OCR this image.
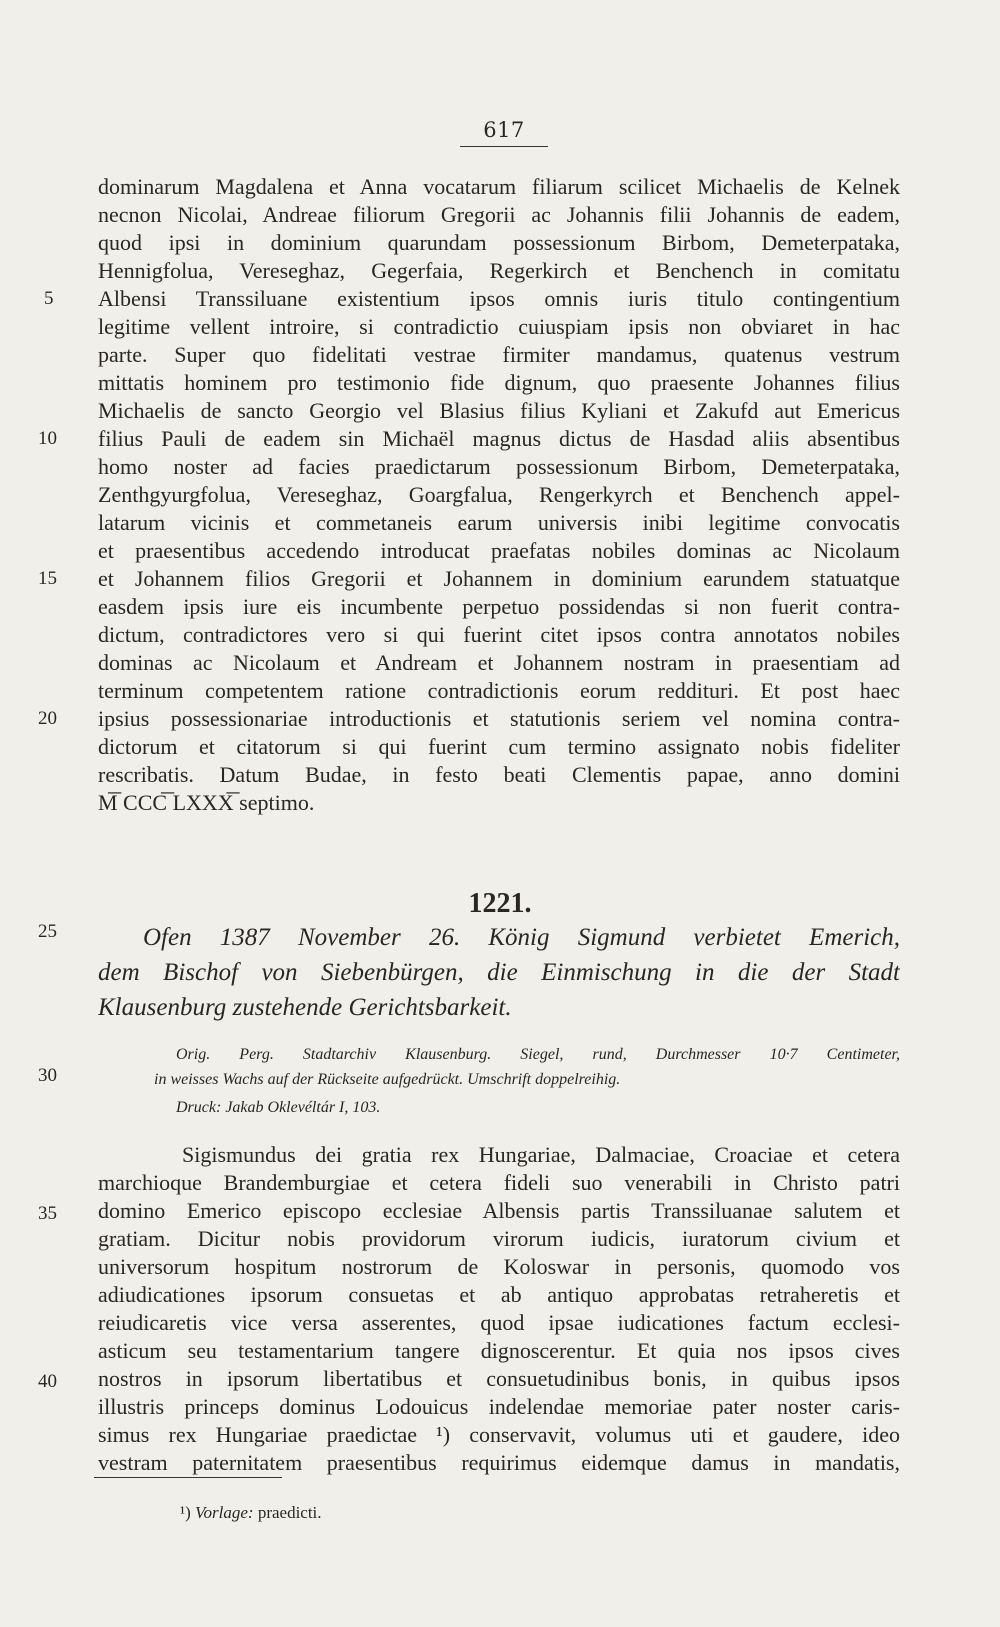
617
dominarum Magdalena et Anna vocatarum filiarum scilicet Michaelis de Kelnek
necnon Nicolai, Andreae filiorum Gregorii ac Johannis filii Johannis de eadem,
quod ipsi in dominium quarundam possessionum Birbom, Demeterpataka,
Hennigfolua, Vereseghaz, Gegerfaia, Regerkirch et Benchench in comitatu
Albensi Transsiluane existentium ipsos omnis iuris titulo contingentium
legitime vellent introire, si contradictio cuiuspiam ipsis non obviaret in hac
parte. Super quo fidelitati vestrae firmiter mandamus, quatenus vestrum
mittatis hominem pro testimonio fide dignum, quo praesente Johannes filius
Michaelis de sancto Georgio vel Blasius filius Kyliani et Zakufd aut Emericus
filius Pauli de eadem sin Michaël magnus dictus de Hasdad aliis absentibus
homo noster ad facies praedictarum possessionum Birbom, Demeterpataka,
Zenthgyurgfolua, Vereseghaz, Goargfalua, Rengerkyrch et Benchench appel-
latarum vicinis et commetaneis earum universis inibi legitime convocatis
et praesentibus accedendo introducat praefatas nobiles dominas ac Nicolaum
et Johannem filios Gregorii et Johannem in dominium earundem statuatque
easdem ipsis iure eis incumbente perpetuo possidendas si non fuerit contra-
dictum, contradictores vero si qui fuerint citet ipsos contra annotatos nobiles
dominas ac Nicolaum et Andream et Johannem nostram in praesentiam ad
terminum competentem ratione contradictionis eorum reddituri. Et post haec
ipsius possessionariae introductionis et statutionis seriem vel nomina contra-
dictorum et citatorum si qui fuerint cum termino assignato nobis fideliter
rescribatis. Datum Budae, in festo beati Clementis papae, anno domini
M͞ CCC͞ LXXX͞ septimo.
5
10
15
20
25
30
35
40
1221.
Ofen 1387 November 26. König Sigmund verbietet Emerich,
dem Bischof von Siebenbürgen, die Einmischung in die der Stadt
Klausenburg zustehende Gerichtsbarkeit.
Orig. Perg. Stadtarchiv Klausenburg. Siegel, rund, Durchmesser 10·7 Centimeter,
in weisses Wachs auf der Rückseite aufgedrückt. Umschrift doppelreihig.
Druck: Jakab Oklevéltár I, 103.
Sigismundus dei gratia rex Hungariae, Dalmaciae, Croaciae et cetera
marchioque Brandemburgiae et cetera fideli suo venerabili in Christo patri
domino Emerico episcopo ecclesiae Albensis partis Transsiluanae salutem et
gratiam. Dicitur nobis providorum virorum iudicis, iuratorum civium et
universorum hospitum nostrorum de Koloswar in personis, quomodo vos
adiudicationes ipsorum consuetas et ab antiquo approbatas retraheretis et
reiudicaretis vice versa asserentes, quod ipsae iudicationes factum ecclesi-
asticum seu testamentarium tangere dignoscerentur. Et quia nos ipsos cives
nostros in ipsorum libertatibus et consuetudinibus bonis, in quibus ipsos
illustris princeps dominus Lodouicus indelendae memoriae pater noster caris-
simus rex Hungariae praedictae ¹) conservavit, volumus uti et gaudere, ideo
vestram paternitatem praesentibus requirimus eidemque damus in mandatis,
¹) Vorlage: praedicti.
